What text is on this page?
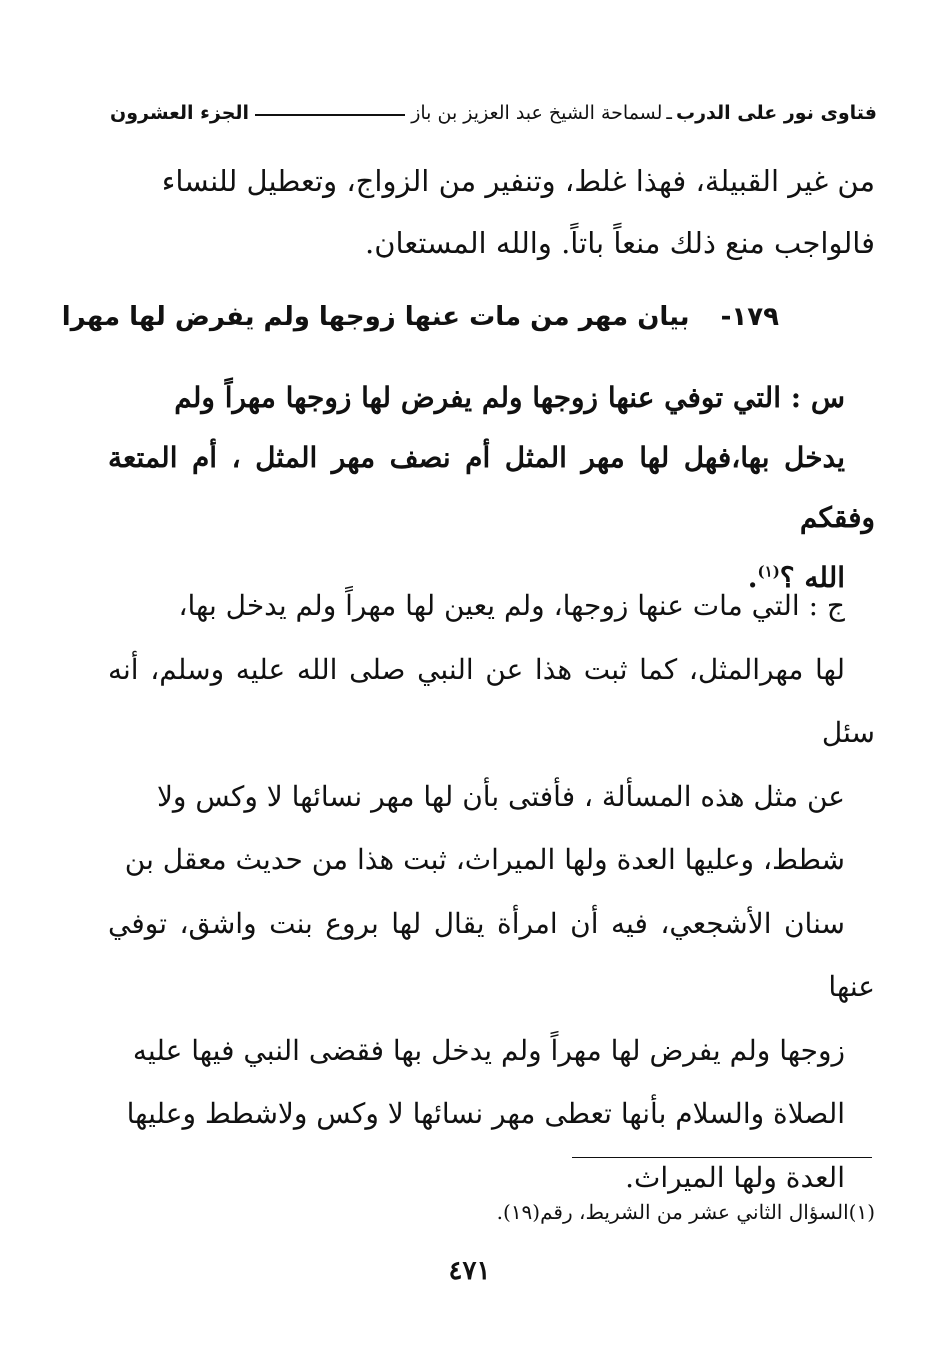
فتاوى نور على الدرب
ـ
لسماحة الشيخ عبد العزيز بن باز
الجزء العشرون
من غير القبيلة، فهذا غلط، وتنفير من الزواج، وتعطيل للنساء
فالواجب منع ذلك منعاً باتاً. والله المستعان.
١٧٩- بيان مهر من مات عنها زوجها ولم يفرض لها مهرا
س : التي توفي عنها زوجها ولم يفرض لها زوجها مهراً ولم
يدخل بها،فهل لها مهر المثل أم نصف مهر المثل ، أم المتعة وفقكم
الله ؟$^{(١)}$.
ج : التي مات عنها زوجها، ولم يعين لها مهراً ولم يدخل بها،
لها مهرالمثل، كما ثبت هذا عن النبي صلى الله عليه وسلم، أنه سئل
عن مثل هذه المسألة ، فأفتى بأن لها مهر نسائها لا وكس ولا
شطط، وعليها العدة ولها الميراث، ثبت هذا من حديث معقل بن
سنان الأشجعي، فيه أن امرأة يقال لها بروع بنت واشق، توفي عنها
زوجها ولم يفرض لها مهراً ولم يدخل بها فقضى النبي فيها عليه
الصلاة والسلام بأنها تعطى مهر نسائها لا وكس ولاشطط وعليها
العدة ولها الميراث.
(١)السؤال الثاني عشر من الشريط، رقم(١٩).
٤٧١
